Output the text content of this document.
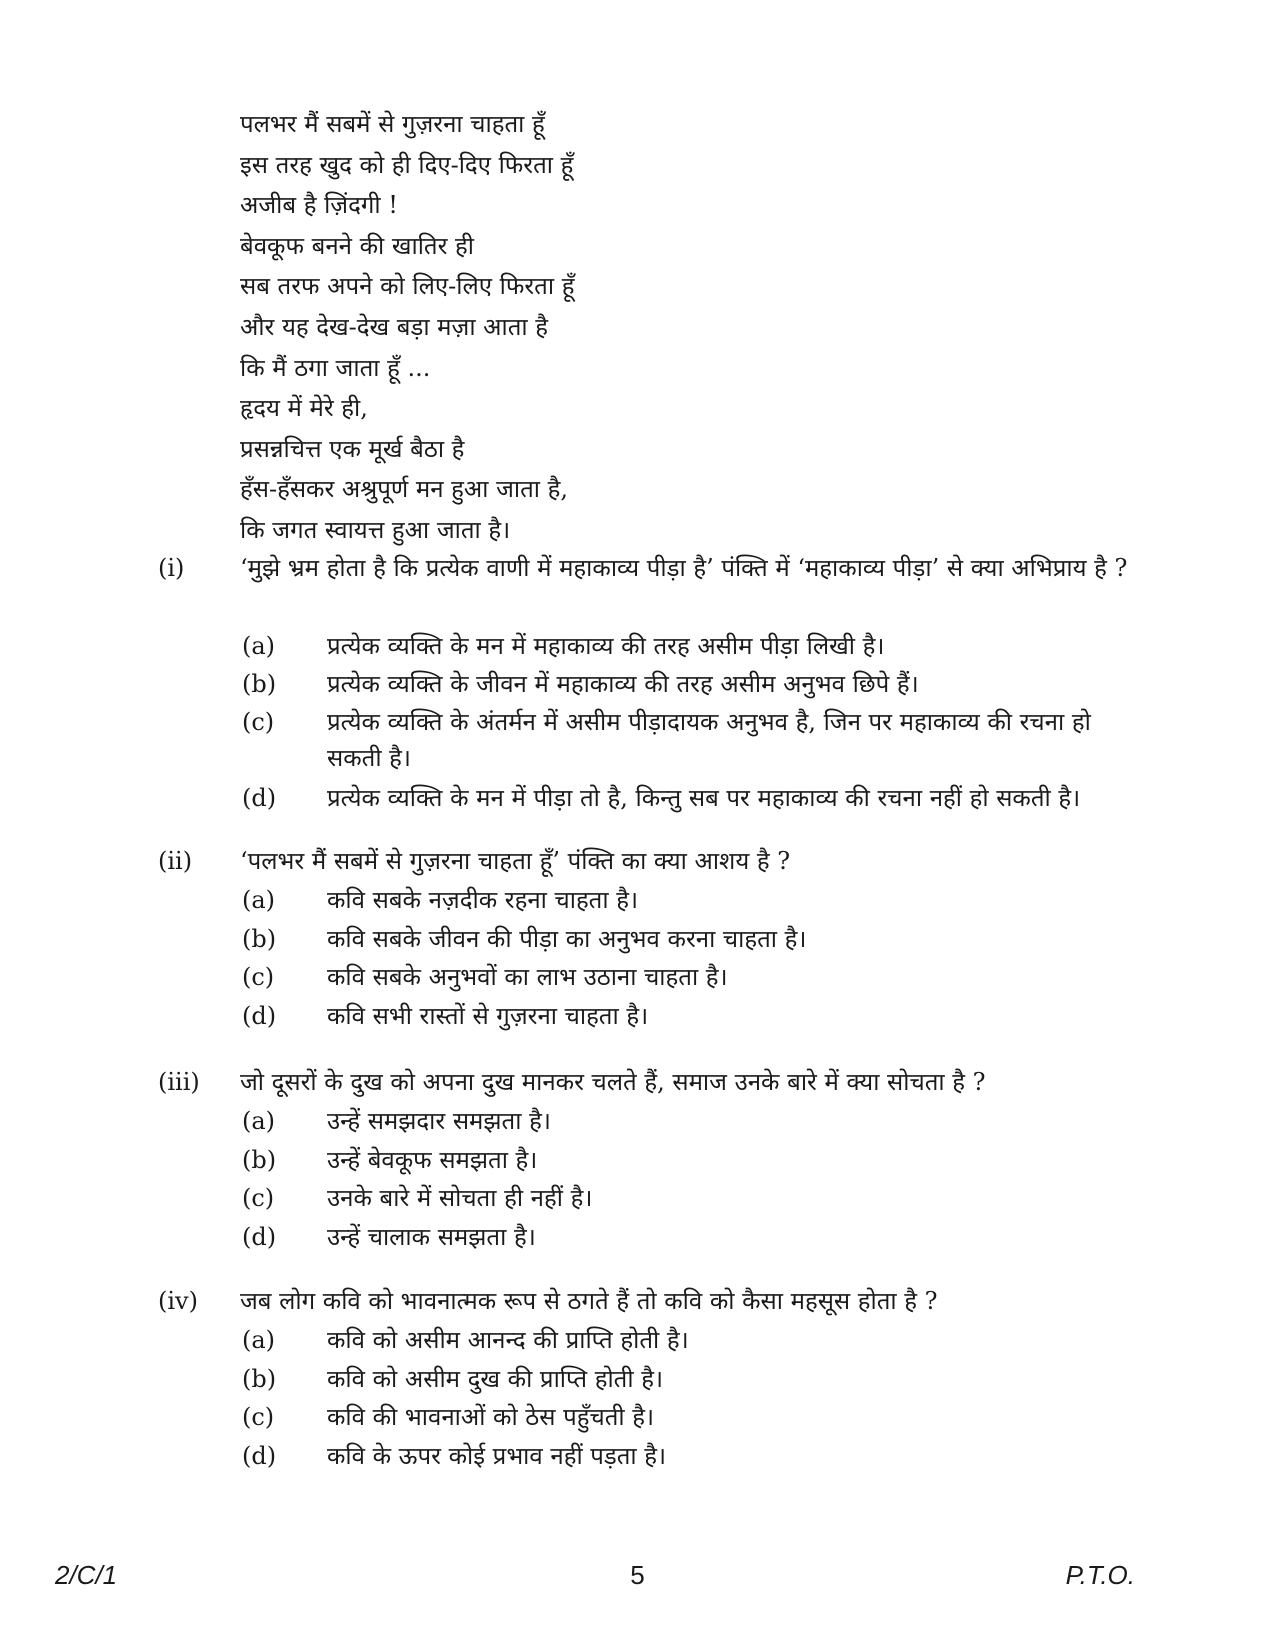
पलभर मैं सबमें से गुज़रना चाहता हूँ
इस तरह खुद को ही दिए-दिए फिरता हूँ
अजीब है ज़िंदगी !
बेवकूफ बनने की खातिर ही
सब तरफ अपने को लिए-लिए फिरता हूँ
और यह देख-देख बड़ा मज़ा आता है
कि मैं ठगा जाता हूँ ...
हृदय में मेरे ही,
प्रसन्नचित्त एक मूर्ख बैठा है
हँस-हँसकर अश्रुपूर्ण मन हुआ जाता है,
कि जगत स्वायत्त हुआ जाता है।
(i) ‘मुझे भ्रम होता है कि प्रत्येक वाणी में महाकाव्य पीड़ा है’ पंक्ति में ‘महाकाव्य पीड़ा’ से क्या अभिप्राय है ?
(a) प्रत्येक व्यक्ति के मन में महाकाव्य की तरह असीम पीड़ा लिखी है।
(b) प्रत्येक व्यक्ति के जीवन में महाकाव्य की तरह असीम अनुभव छिपे हैं।
(c) प्रत्येक व्यक्ति के अंतर्मन में असीम पीड़ादायक अनुभव है, जिन पर महाकाव्य की रचना हो सकती है।
(d) प्रत्येक व्यक्ति के मन में पीड़ा तो है, किन्तु सब पर महाकाव्य की रचना नहीं हो सकती है।
(ii) ‘पलभर मैं सबमें से गुज़रना चाहता हूँ’ पंक्ति का क्या आशय है ?
(a) कवि सबके नज़दीक रहना चाहता है।
(b) कवि सबके जीवन की पीड़ा का अनुभव करना चाहता है।
(c) कवि सबके अनुभवों का लाभ उठाना चाहता है।
(d) कवि सभी रास्तों से गुज़रना चाहता है।
(iii) जो दूसरों के दुख को अपना दुख मानकर चलते हैं, समाज उनके बारे में क्या सोचता है ?
(a) उन्हें समझदार समझता है।
(b) उन्हें बेवकूफ समझता है।
(c) उनके बारे में सोचता ही नहीं है।
(d) उन्हें चालाक समझता है।
(iv) जब लोग कवि को भावनात्मक रूप से ठगते हैं तो कवि को कैसा महसूस होता है ?
(a) कवि को असीम आनन्द की प्राप्ति होती है।
(b) कवि को असीम दुख की प्राप्ति होती है।
(c) कवि की भावनाओं को ठेस पहुँचती है।
(d) कवि के ऊपर कोई प्रभाव नहीं पड़ता है।
2/C/1	5	P.T.O.
